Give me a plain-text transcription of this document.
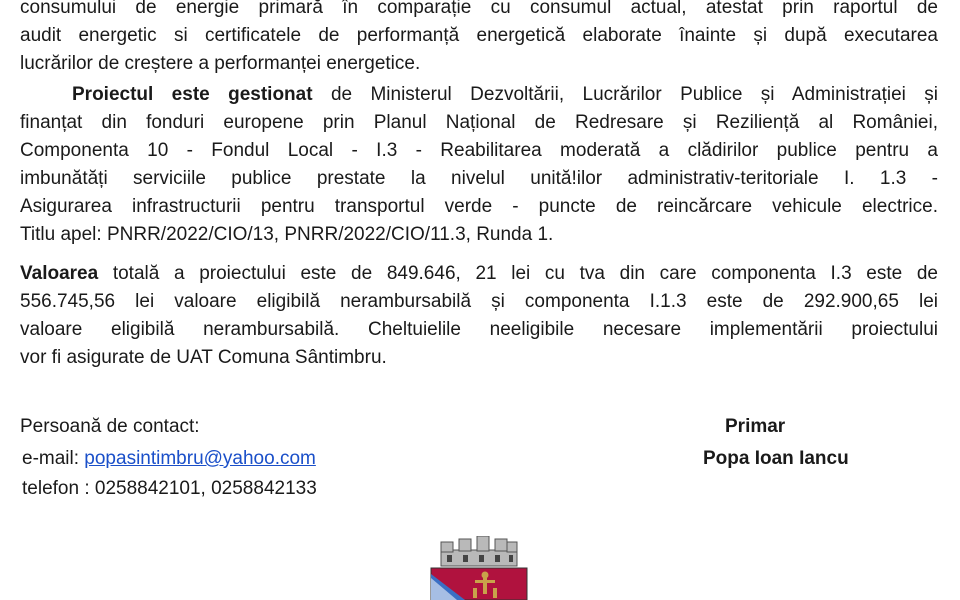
consumului de energie primară în comparație cu consumul actual, atestat prin raportul de
audit energetic si certificatele de performanță energetică elaborate înainte și după executarea
lucrărilor de creștere a performanței energetice.
Proiectul este gestionat de Ministerul Dezvoltării, Lucrărilor Publice și Administrației și
finanțat din fonduri europene prin Planul Național de Redresare și Reziliență al României,
Componenta 10 - Fondul Local - I.3 - Reabilitarea moderată a clădirilor publice pentru a
imbunătăți serviciile publice prestate la nivelul unită!ilor administrativ-teritoriale I. 1.3 -
Asigurarea infrastructurii pentru transportul verde - puncte de reincărcare vehicule electrice.
Titlu apel: PNRR/2022/CIO/13, PNRR/2022/CIO/11.3, Runda 1.
Valoarea totală a proiectului este de 849.646, 21 lei cu tva din care componenta I.3 este de
556.745,56 lei valoare eligibilă nerambursabilă și componenta I.1.3 este de 292.900,65 lei
valoare eligibilă nerambursabilă. Cheltuielile neeligibile necesare implementării proiectului
vor fi asigurate de UAT Comuna Sântimbru.
Persoană de contact:
e-mail: popasintimbru@yahoo.com
telefon : 0258842101, 0258842133
Primar
Popa Ioan Iancu
